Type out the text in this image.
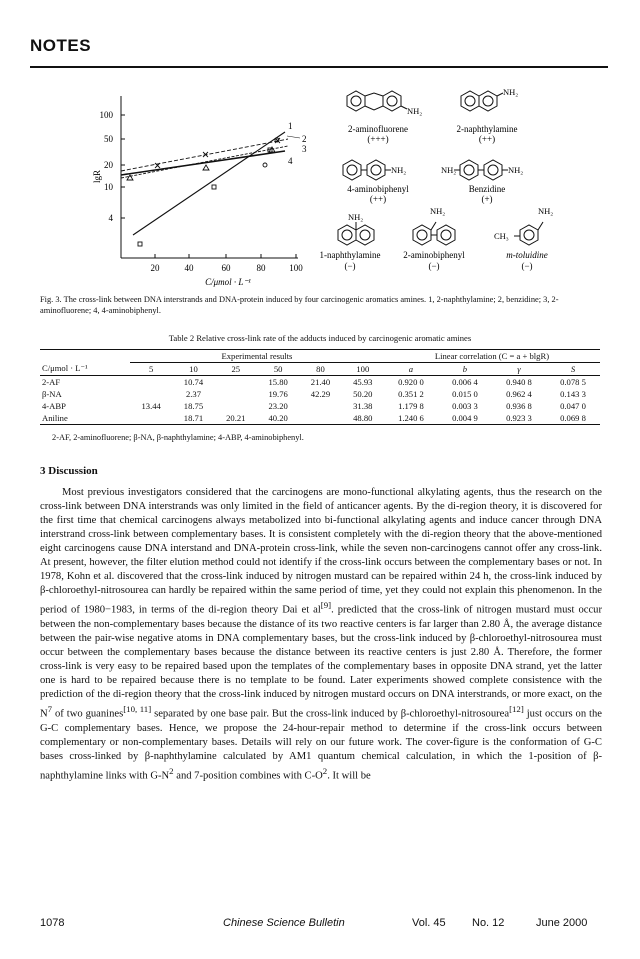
NOTES
100
50
20
10
4
lgR
20	40	60	80	100
C/μmol · L⁻¹
1
2
3
4
NH₂
NH₂
2-aminofluorene
(+++)
2-naphthylamine
(++)
NH₂	NH₂	NH₂
4-aminobiphenyl
(++)
Benzidine
(+)
NH₂
NH₂	NH₂
CH₃
1-naphthylamine
(−)
2-aminobiphenyl
(−)
m-toluidine
(−)
Fig. 3. The cross-link between DNA interstrands and DNA-protein induced by four carcinogenic aromatics amines. 1, 2-naphthylamine; 2, benzidine; 3, 2-aminofluorene; 4, 4-aminobiphenyl.
Table 2 Relative cross-link rate of the adducts induced by carcinogenic aromatic amines
	Experimental results						Linear correlation (C = a + blgR)			
C/μmol · L⁻¹	5	10	25	50	80	100	a	b	γ	S
2-AF		10.74		15.80	21.40	45.93	0.920 0	0.006 4	0.940 8	0.078 5
β-NA		2.37		19.76	42.29	50.20	0.351 2	0.015 0	0.962 4	0.143 3
4-ABP	13.44	18.75		23.20		31.38	1.179 8	0.003 3	0.936 8	0.047 0
Aniline		18.71	20.21	40.20		48.80	1.240 6	0.004 9	0.923 3	0.069 8
2-AF, 2-aminofluorene; β-NA, β-naphthylamine; 4-ABP, 4-aminobiphenyl.
3 Discussion

Most previous investigators considered that the carcinogens are mono-functional alkylating agents, thus the research on the cross-link between DNA interstrands was only limited in the field of anticancer agents. By the di-region theory, it is discovered for the first time that chemical carcinogens always metabolized into bi-functional alkylating agents and induce cancer through DNA interstrand cross-link between complementary bases. It is consistent completely with the di-region theory that the above-mentioned eight carcinogens cause DNA interstand and DNA-protein cross-link, while the seven non-carcinogens cannot offer any cross-link. At present, however, the filter elution method could not identify if the cross-link occurs between the complementary bases or not. In 1978, Kohn et al. discovered that the cross-link induced by nitrogen mustard can be repaired within 24 h, the cross-link induced by β-chloroethyl-nitrosourea can hardly be repaired within the same period of time, yet they could not explain this phenomenon. In the period of 1980−1983, in terms of the di-region theory Dai et al[9]. predicted that the cross-link of nitrogen mustard must occur between the non-complementary bases because the distance of its two reactive centers is far larger than 2.80 Å, the average distance between the pair-wise negative atoms in DNA complementary bases, but the cross-link induced by β-chloroethyl-nitrosourea must occur between the complementary bases because the distance between its reactive centers is just 2.80 Å. Therefore, the former cross-link is very easy to be repaired based upon the templates of the complementary bases in opposite DNA strand, yet the latter one is hard to be repaired because there is no template to be found. Later experiments showed complete consistence with the prediction of the di-region theory that the cross-link induced by nitrogen mustard occurs on DNA interstrands, or more exact, on the $N^7$ of two guanines[10, 11] separated by one base pair. But the cross-link induced by β-chloroethyl-nitrosourea[12] just occurs on the G-C complementary bases. Hence, we propose the 24-hour-repair method to determine if the cross-link occurs between complementary or non-complementary bases. Details will rely on our future work. The cover-figure is the conformation of G-C bases cross-linked by β-naphthylamine calculated by AM1 quantum chemical calculation, in which the 1-position of β-naphthylamine links with $G-N^2$ and 7-position combines with $C-O^2$. It will be

1078	Chinese Science Bulletin	Vol. 45 No. 12	June 2000
